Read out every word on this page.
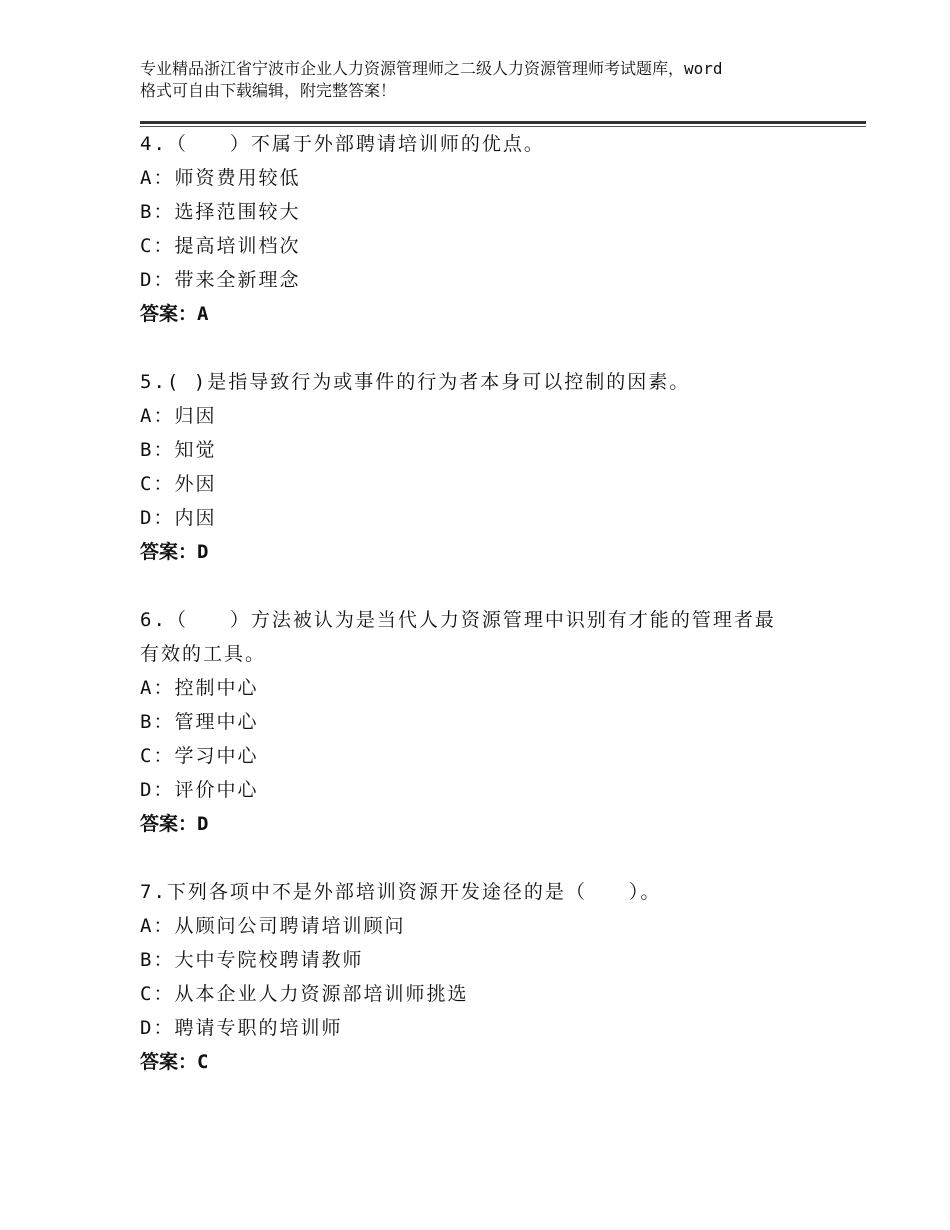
专业精品浙江省宁波市企业人力资源管理师之二级人力资源管理师考试题库，word
格式可自由下载编辑，附完整答案！
4.（　　）不属于外部聘请培训师的优点。
A：师资费用较低
B：选择范围较大
C：提高培训档次
D：带来全新理念
答案：A
5.( )是指导致行为或事件的行为者本身可以控制的因素。
A：归因
B：知觉
C：外因
D：内因
答案：D
6.（　　）方法被认为是当代人力资源管理中识别有才能的管理者最
有效的工具。
A：控制中心
B：管理中心
C：学习中心
D：评价中心
答案：D
7.下列各项中不是外部培训资源开发途径的是（　　）。
A：从顾问公司聘请培训顾问
B：大中专院校聘请教师
C：从本企业人力资源部培训师挑选
D：聘请专职的培训师
答案：C
